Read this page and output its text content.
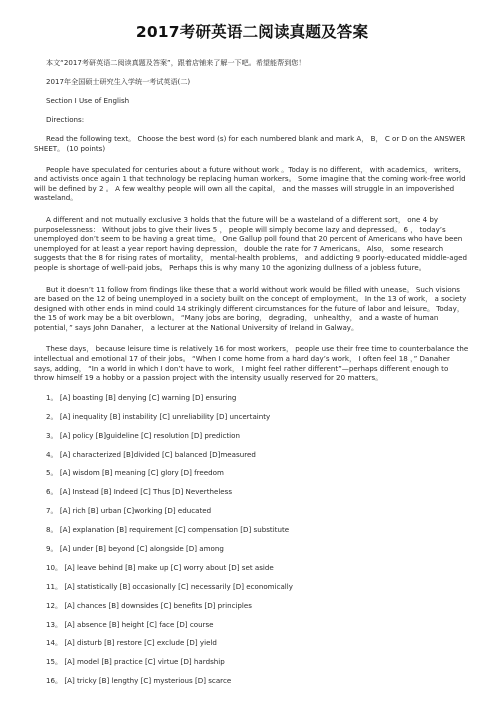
2017考研英语二阅读真题及答案

本文“2017考研英语二阅读真题及答案”，跟着店铺来了解一下吧。希望能帮到您！

2017年全国硕士研究生入学统一考试英语(二)

Section I Use of English

Directions:

Read the following text。 Choose the best word (s) for each numbered blank and mark A， B， C or D on the ANSWER SHEET。 (10 points)

People have speculated for centuries about a future without work 。Today is no different， with academics， writers, and activists once again 1 that technology be replacing human workers。 Some imagine that the coming work-free world will be defined by 2 。 A few wealthy people will own all the capital， and the masses will struggle in an impoverished wasteland。

A different and not mutually exclusive 3 holds that the future will be a wasteland of a different sort， one 4 by purposelessness： Without jobs to give their lives 5 ， people will simply become lazy and depressed。 6 ， today’s unemployed don’t seem to be having a great time。 One Gallup poll found that 20 percent of Americans who have been unemployed for at least a year report having depression， double the rate for 7 Americans。 Also， some research suggests that the 8 for rising rates of mortality， mental-health problems， and addicting 9 poorly-educated middle-aged people is shortage of well-paid jobs。 Perhaps this is why many 10 the agonizing dullness of a jobless future。

But it doesn’t 11 follow from findings like these that a world without work would be filled with unease。 Such visions are based on the 12 of being unemployed in a society built on the concept of employment。 In the 13 of work， a society designed with other ends in mind could 14 strikingly different circumstances for the future of labor and leisure。 Today， the 15 of work may be a bit overblown。 “Many jobs are boring， degrading， unhealthy， and a waste of human potential，” says John Danaher， a lecturer at the National University of Ireland in Galway。

These days， because leisure time is relatively 16 for most workers， people use their free time to counterbalance the intellectual and emotional 17 of their jobs。 “When I come home from a hard day’s work， I often feel 18 ，” Danaher says, adding， “In a world in which I don’t have to work， I might feel rather different”—perhaps different enough to throw himself 19 a hobby or a passion project with the intensity usually reserved for 20 matters。

1。 [A] boasting [B] denying [C] warning [D] ensuring

2。 [A] inequality [B] instability [C] unreliability [D] uncertainty

3。 [A] policy [B]guideline [C] resolution [D] prediction

4。 [A] characterized [B]divided [C] balanced [D]measured

5。 [A] wisdom [B] meaning [C] glory [D] freedom

6。 [A] Instead [B] Indeed [C] Thus [D] Nevertheless

7。 [A] rich [B] urban [C]working [D] educated

8。 [A] explanation [B] requirement [C] compensation [D] substitute

9。 [A] under [B] beyond [C] alongside [D] among

10。 [A] leave behind [B] make up [C] worry about [D] set aside

11。 [A] statistically [B] occasionally [C] necessarily [D] economically

12。 [A] chances [B] downsides [C] benefits [D] principles

13。 [A] absence [B] height [C] face [D] course

14。 [A] disturb [B] restore [C] exclude [D] yield

15。 [A] model [B] practice [C] virtue [D] hardship

16。 [A] tricky [B] lengthy [C] mysterious [D] scarce
